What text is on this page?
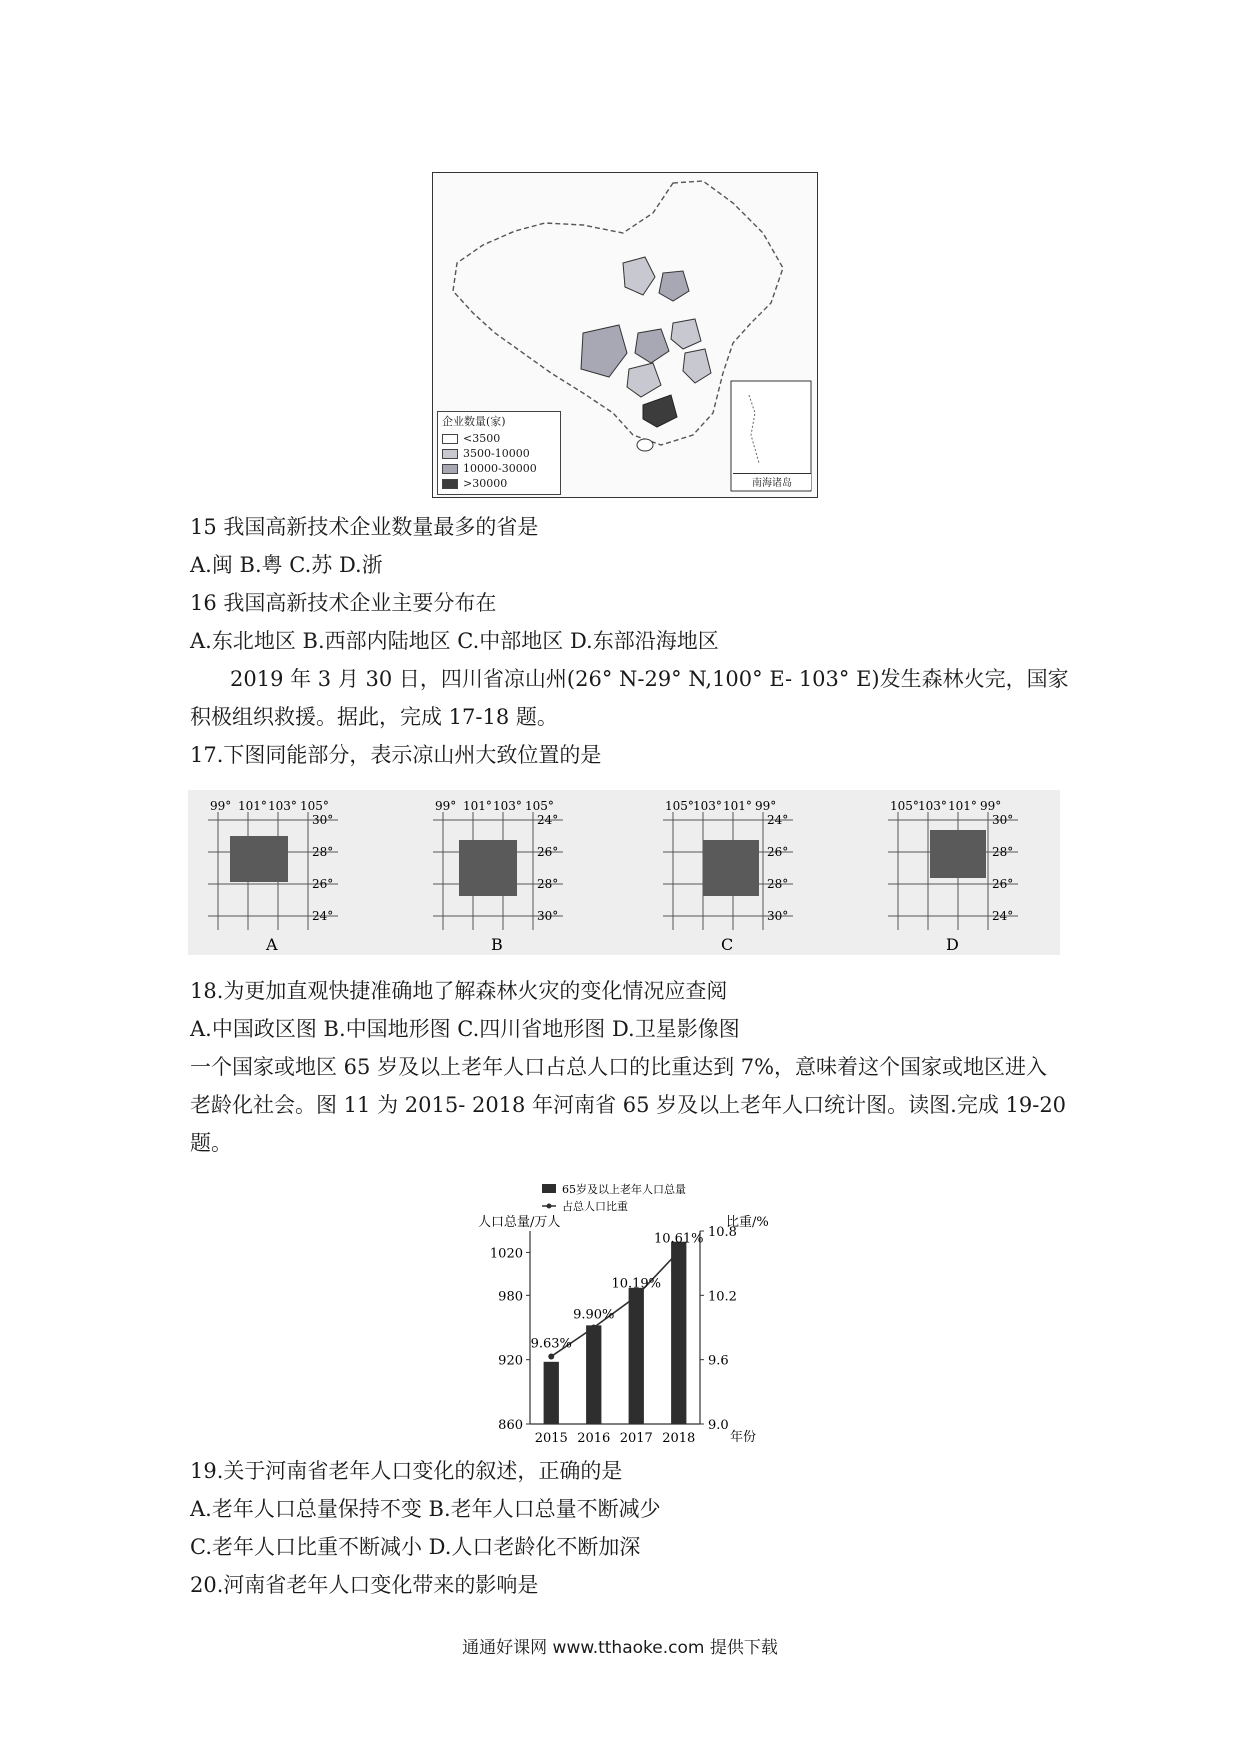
南海诸岛
企业数量(家)
<3500
3500-10000
10000-30000
>30000
15 我国高新技术企业数量最多的省是
A.闽 B.粤 C.苏 D.浙
16 我国高新技术企业主要分布在
A.东北地区 B.西部内陆地区 C.中部地区 D.东部沿海地区
2019 年 3 月 30 日，四川省凉山州(26° N-29° N,100° E- 103° E)发生森林火完，国家
积极组织救援。据此，完成 17-18 题。
17.下图同能部分，表示凉山州大致位置的是
99° 101° 103° 105°
30°
28°
26°
24°
A
99° 101° 103° 105°
24°
26°
28°
30°
B
105° 103° 101° 99°
24°
26°
28°
30°
C
105° 103° 101° 99°
30°
28°
26°
24°
D
18.为更加直观快捷准确地了解森林火灾的变化情况应查阅
A.中国政区图 B.中国地形图 C.四川省地形图 D.卫星影像图
一个国家或地区 65 岁及以上老年人口占总人口的比重达到 7%，意味着这个国家或地区进入
老龄化社会。图 11 为 2015- 2018 年河南省 65 岁及以上老年人口统计图。读图.完成 19-20
题。
65岁及以上老年人口总量
占总人口比重
人口总量/万人	比重/%
年份
2015 2016 2017 2018
860
920
980
1020
9.0
9.6
10.2
10.8
9.63%
9.90%
10.19%
10.61%
19.关于河南省老年人口变化的叙述，正确的是
A.老年人口总量保持不变 B.老年人口总量不断减少
C.老年人口比重不断减小 D.人口老龄化不断加深
20.河南省老年人口变化带来的影响是
通通好课网 www.tthaoke.com 提供下载
